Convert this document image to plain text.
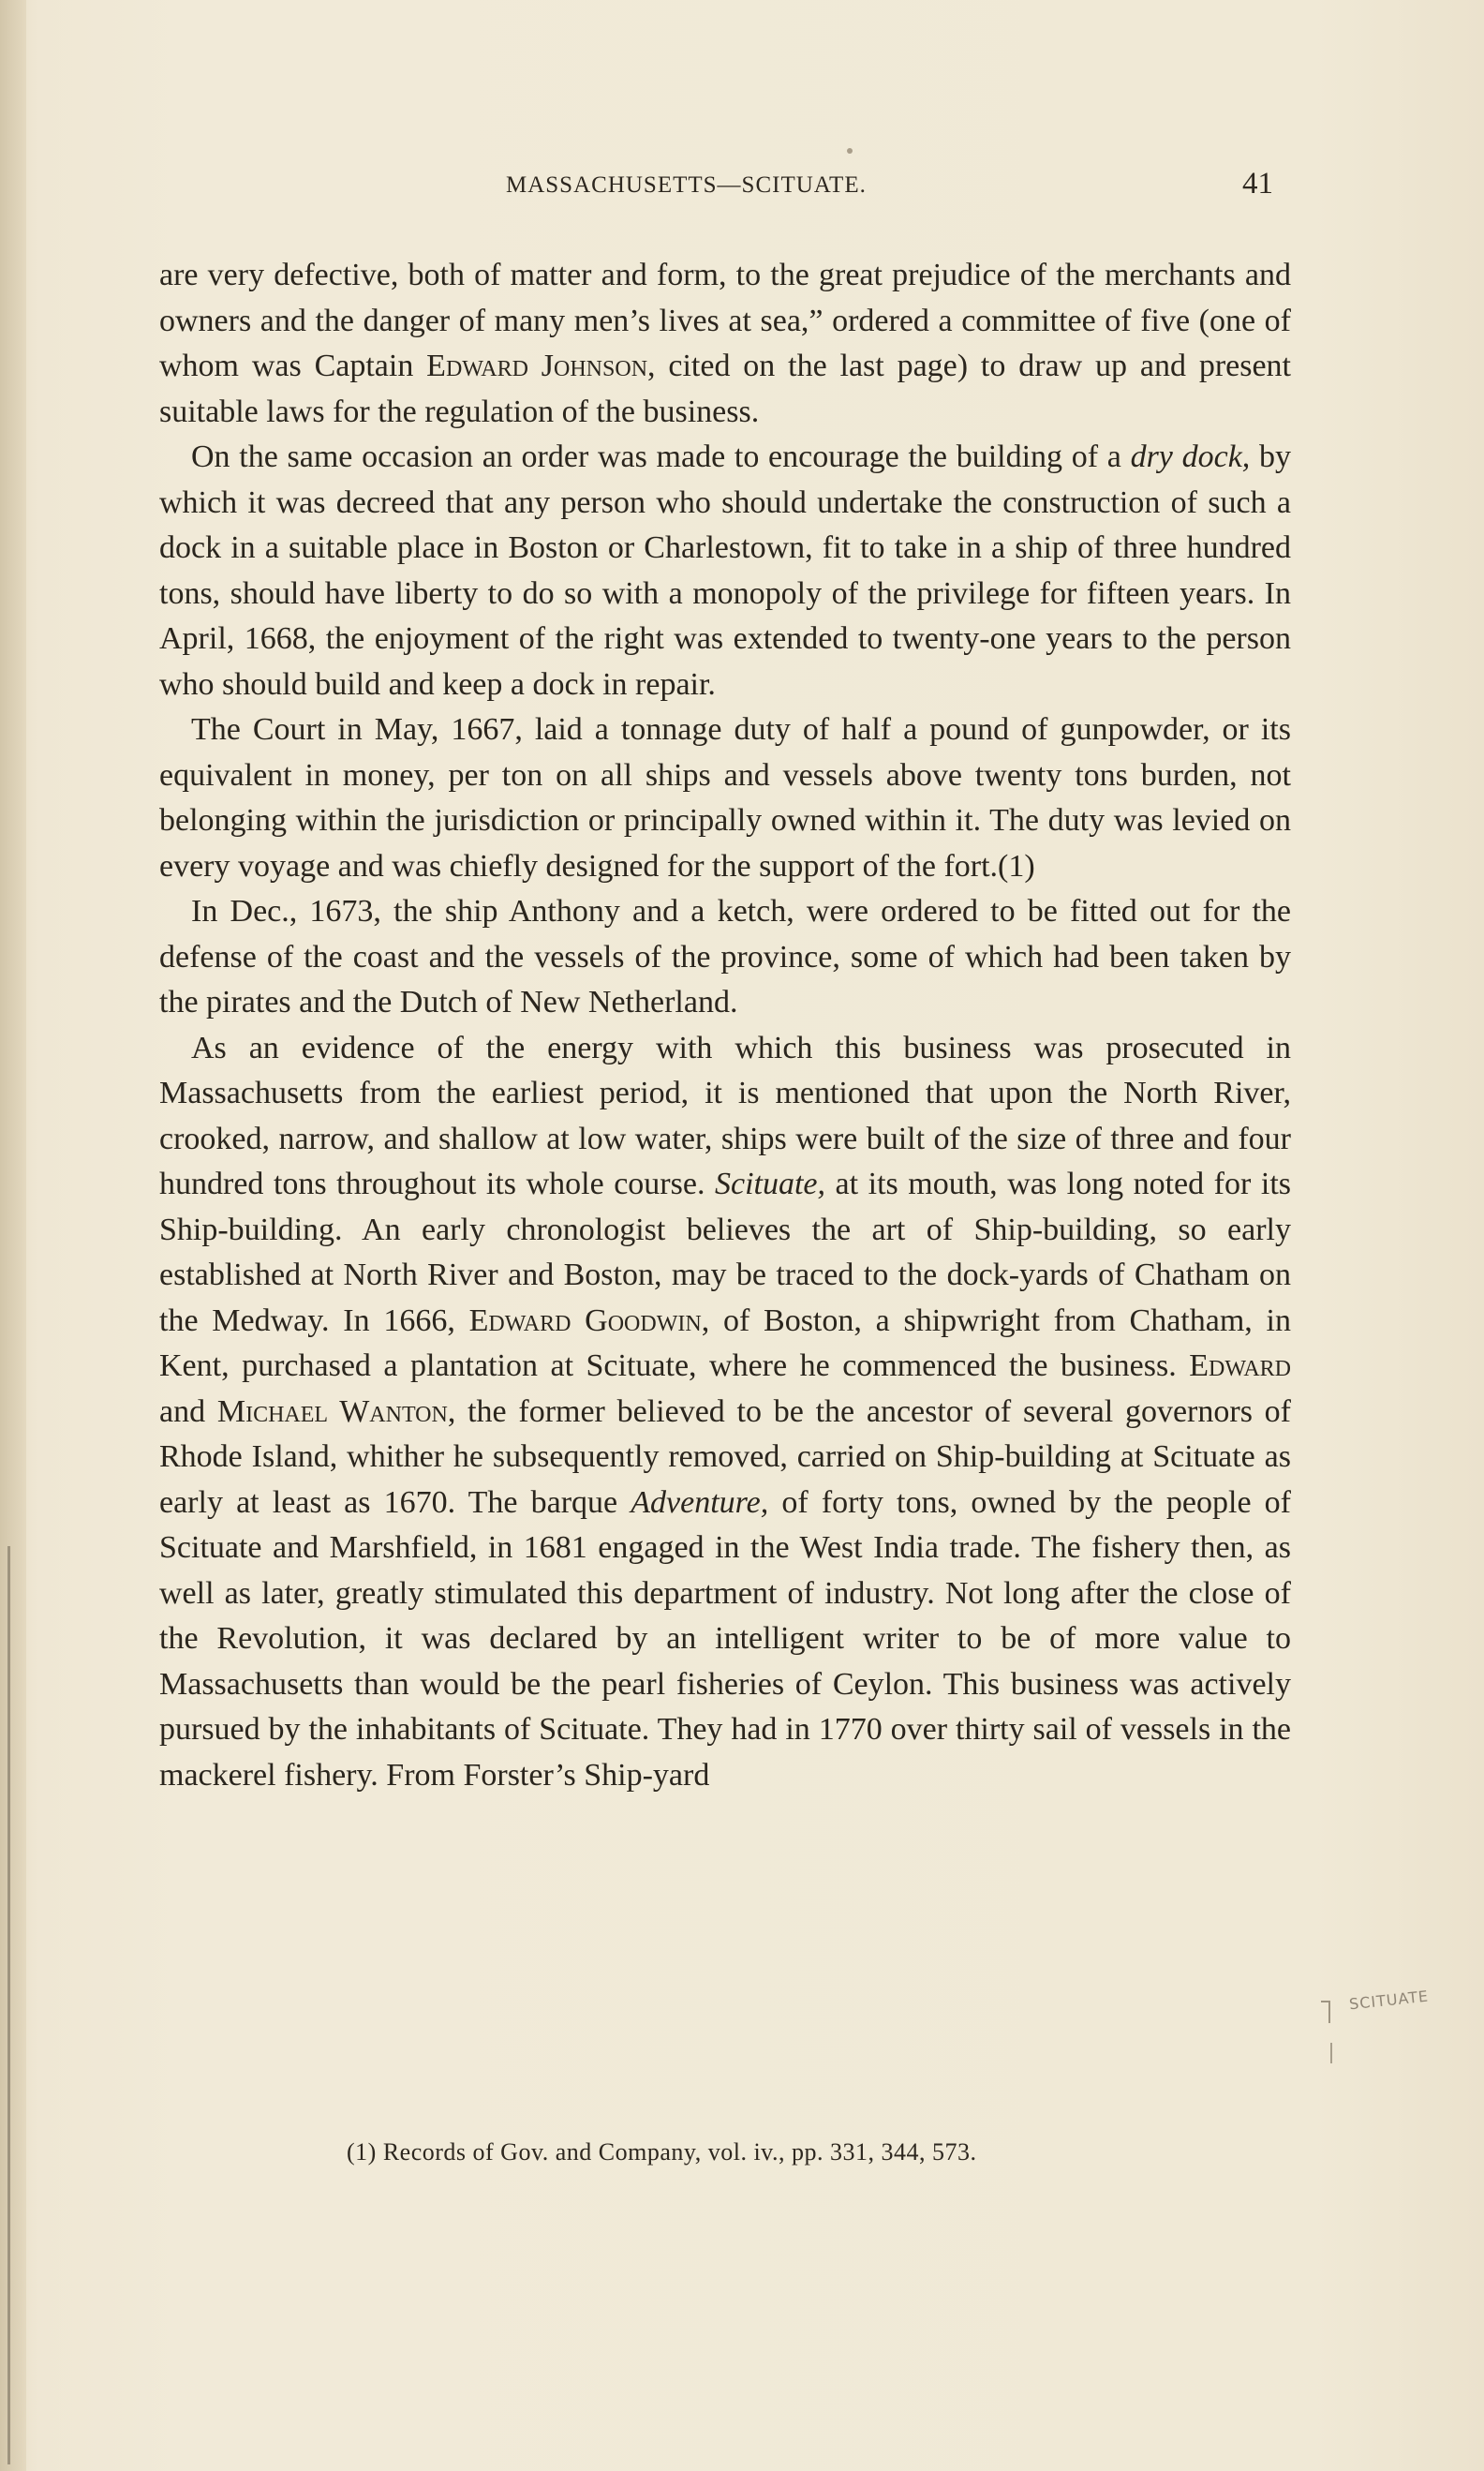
MASSACHUSETTS—SCITUATE.	41

are very defective, both of matter and form, to the great prejudice of the merchants and owners and the danger of many men’s lives at sea,” ordered a committee of five (one of whom was Captain Edward Johnson, cited on the last page) to draw up and present suitable laws for the regulation of the business.

On the same occasion an order was made to encourage the building of a dry dock, by which it was decreed that any person who should undertake the construction of such a dock in a suitable place in Boston or Charlestown, fit to take in a ship of three hundred tons, should have liberty to do so with a monopoly of the privilege for fifteen years. In April, 1668, the enjoyment of the right was extended to twenty-one years to the person who should build and keep a dock in repair.

The Court in May, 1667, laid a tonnage duty of half a pound of gunpowder, or its equivalent in money, per ton on all ships and vessels above twenty tons burden, not belonging within the jurisdiction or principally owned within it. The duty was levied on every voyage and was chiefly designed for the support of the fort.(1)

In Dec., 1673, the ship Anthony and a ketch, were ordered to be fitted out for the defense of the coast and the vessels of the province, some of which had been taken by the pirates and the Dutch of New Netherland.

As an evidence of the energy with which this business was prosecuted in Massachusetts from the earliest period, it is mentioned that upon the North River, crooked, narrow, and shallow at low water, ships were built of the size of three and four hundred tons throughout its whole course. Scituate, at its mouth, was long noted for its Ship-building. An early chronologist believes the art of Ship-building, so early established at North River and Boston, may be traced to the dock-yards of Chatham on the Medway. In 1666, Edward Goodwin, of Boston, a shipwright from Chatham, in Kent, purchased a plantation at Scituate, where he commenced the business. Edward and Michael Wanton, the former believed to be the ancestor of several governors of Rhode Island, whither he subsequently removed, carried on Ship-building at Scituate as early at least as 1670. The barque Adventure, of forty tons, owned by the people of Scituate and Marshfield, in 1681 engaged in the West India trade. The fishery then, as well as later, greatly stimulated this department of industry. Not long after the close of the Revolution, it was declared by an intelligent writer to be of more value to Massachusetts than would be the pearl fisheries of Ceylon. This business was actively pursued by the inhabitants of Scituate. They had in 1770 over thirty sail of vessels in the mackerel fishery. From Forster’s Ship-yard

(1) Records of Gov. and Company, vol. iv., pp. 331, 344, 573.
SCITUATE
